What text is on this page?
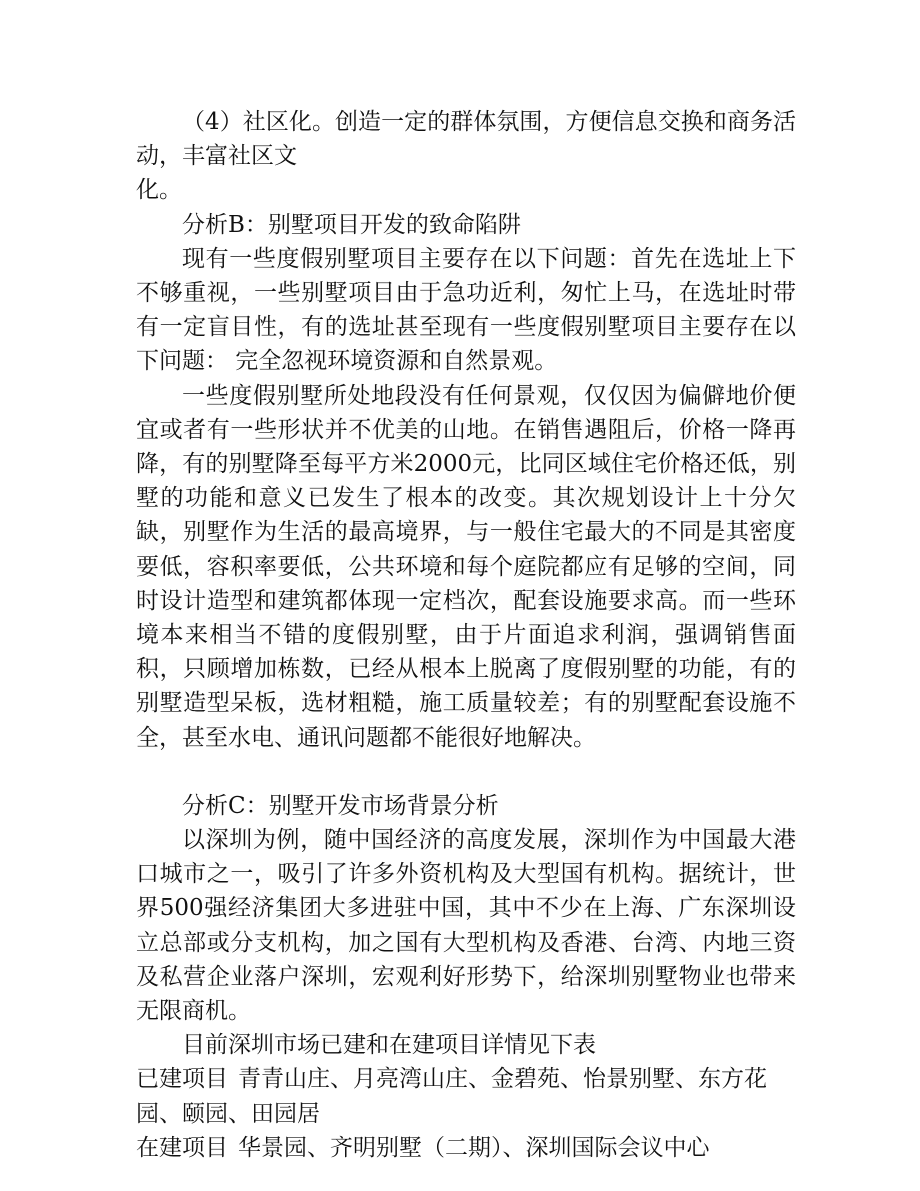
（4）社区化。创造一定的群体氛围，方便信息交换和商务活动，丰富社区文

化。

分析B：别墅项目开发的致命陷阱

现有一些度假别墅项目主要存在以下问题：首先在选址上下不够重视，一些别墅项目由于急功近利，匆忙上马，在选址时带有一定盲目性，有的选址甚至现有一些度假别墅项目主要存在以下问题： 完全忽视环境资源和自然景观。

一些度假别墅所处地段没有任何景观，仅仅因为偏僻地价便宜或者有一些形状并不优美的山地。在销售遇阻后，价格一降再降，有的别墅降至每平方米2000元，比同区域住宅价格还低，别墅的功能和意义已发生了根本的改变。其次规划设计上十分欠缺，别墅作为生活的最高境界，与一般住宅最大的不同是其密度要低，容积率要低，公共环境和每个庭院都应有足够的空间，同时设计造型和建筑都体现一定档次，配套设施要求高。而一些环境本来相当不错的度假别墅，由于片面追求利润，强调销售面积，只顾增加栋数，已经从根本上脱离了度假别墅的功能，有的别墅造型呆板，选材粗糙，施工质量较差；有的别墅配套设施不全，甚至水电、通讯问题都不能很好地解决。

分析C：别墅开发市场背景分析

以深圳为例，随中国经济的高度发展，深圳作为中国最大港口城市之一，吸引了许多外资机构及大型国有机构。据统计，世界500强经济集团大多进驻中国，其中不少在上海、广东深圳设立总部或分支机构，加之国有大型机构及香港、台湾、内地三资及私营企业落户深圳，宏观利好形势下，给深圳别墅物业也带来无限商机。

目前深圳市场已建和在建项目详情见下表

已建项目 青青山庄、月亮湾山庄、金碧苑、怡景别墅、东方花园、颐园、田园居

在建项目 华景园、齐明别墅（二期）、深圳国际会议中心
